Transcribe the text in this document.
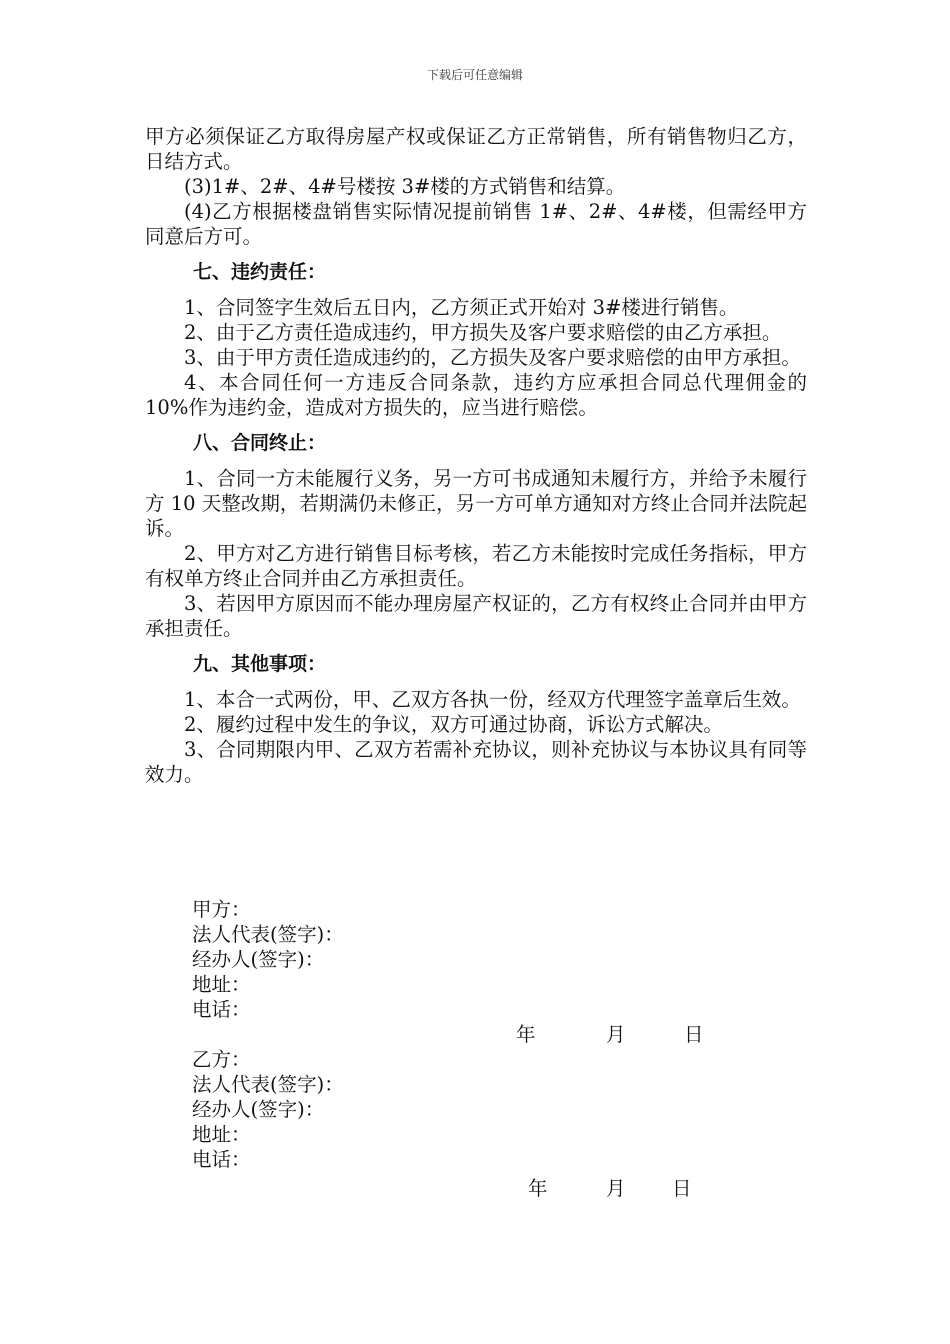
下载后可任意编辑

甲方必须保证乙方取得房屋产权或保证乙方正常销售，所有销售物归乙方，日结方式。

(3)1#、2#、4#号楼按 3#楼的方式销售和结算。

(4)乙方根据楼盘销售实际情况提前销售 1#、2#、4#楼，但需经甲方同意后方可。

七、违约责任：

1、合同签字生效后五日内，乙方须正式开始对 3#楼进行销售。

2、由于乙方责任造成违约，甲方损失及客户要求赔偿的由乙方承担。

3、由于甲方责任造成违约的，乙方损失及客户要求赔偿的由甲方承担。

4、本合同任何一方违反合同条款，违约方应承担合同总代理佣金的 10%作为违约金，造成对方损失的，应当进行赔偿。

八、合同终止：

1、合同一方未能履行义务，另一方可书成通知未履行方，并给予未履行方 10 天整改期，若期满仍未修正，另一方可单方通知对方终止合同并法院起诉。

2、甲方对乙方进行销售目标考核，若乙方未能按时完成任务指标，甲方有权单方终止合同并由乙方承担责任。

3、若因甲方原因而不能办理房屋产权证的，乙方有权终止合同并由甲方承担责任。

九、其他事项：

1、本合一式两份，甲、乙双方各执一份，经双方代理签字盖章后生效。

2、履约过程中发生的争议，双方可通过协商，诉讼方式解决。

3、合同期限内甲、乙双方若需补充协议，则补充协议与本协议具有同等效力。

甲方：

法人代表(签字)：

经办人(签字)：

地址：

电话：

年	月	日

乙方：

法人代表(签字)：

经办人(签字)：

地址：

电话：

年	月 日
